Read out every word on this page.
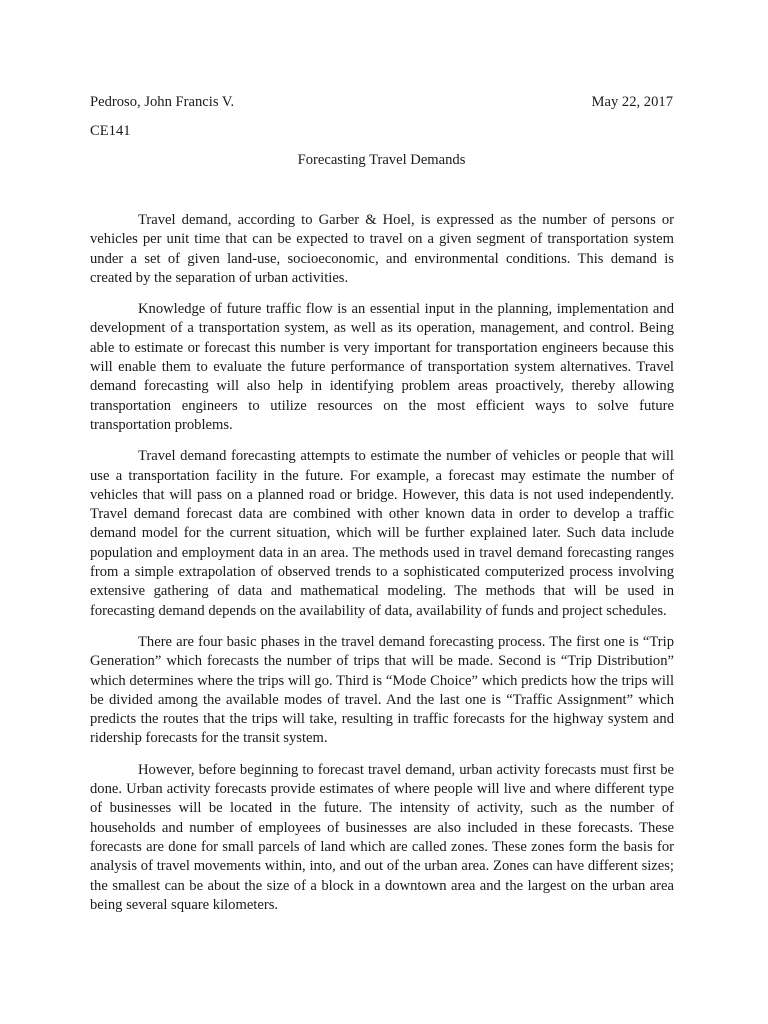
Pedroso, John Francis V.	May 22, 2017
CE141
Forecasting Travel Demands

Travel demand, according to Garber & Hoel, is expressed as the number of persons or vehicles per unit time that can be expected to travel on a given segment of transportation system under a set of given land-use, socioeconomic, and environmental conditions. This demand is created by the separation of urban activities.

Knowledge of future traffic flow is an essential input in the planning, implementation and development of a transportation system, as well as its operation, management, and control. Being able to estimate or forecast this number is very important for transportation engineers because this will enable them to evaluate the future performance of transportation system alternatives. Travel demand forecasting will also help in identifying problem areas proactively, thereby allowing transportation engineers to utilize resources on the most efficient ways to solve future transportation problems.

Travel demand forecasting attempts to estimate the number of vehicles or people that will use a transportation facility in the future. For example, a forecast may estimate the number of vehicles that will pass on a planned road or bridge. However, this data is not used independently. Travel demand forecast data are combined with other known data in order to develop a traffic demand model for the current situation, which will be further explained later. Such data include population and employment data in an area. The methods used in travel demand forecasting ranges from a simple extrapolation of observed trends to a sophisticated computerized process involving extensive gathering of data and mathematical modeling. The methods that will be used in forecasting demand depends on the availability of data, availability of funds and project schedules.

There are four basic phases in the travel demand forecasting process. The first one is “Trip Generation” which forecasts the number of trips that will be made. Second is “Trip Distribution” which determines where the trips will go. Third is “Mode Choice” which predicts how the trips will be divided among the available modes of travel. And the last one is “Traffic Assignment” which predicts the routes that the trips will take, resulting in traffic forecasts for the highway system and ridership forecasts for the transit system.

However, before beginning to forecast travel demand, urban activity forecasts must first be done. Urban activity forecasts provide estimates of where people will live and where different type of businesses will be located in the future. The intensity of activity, such as the number of households and number of employees of businesses are also included in these forecasts. These forecasts are done for small parcels of land which are called zones. These zones form the basis for analysis of travel movements within, into, and out of the urban area. Zones can have different sizes; the smallest can be about the size of a block in a downtown area and the largest on the urban area being several square kilometers.
